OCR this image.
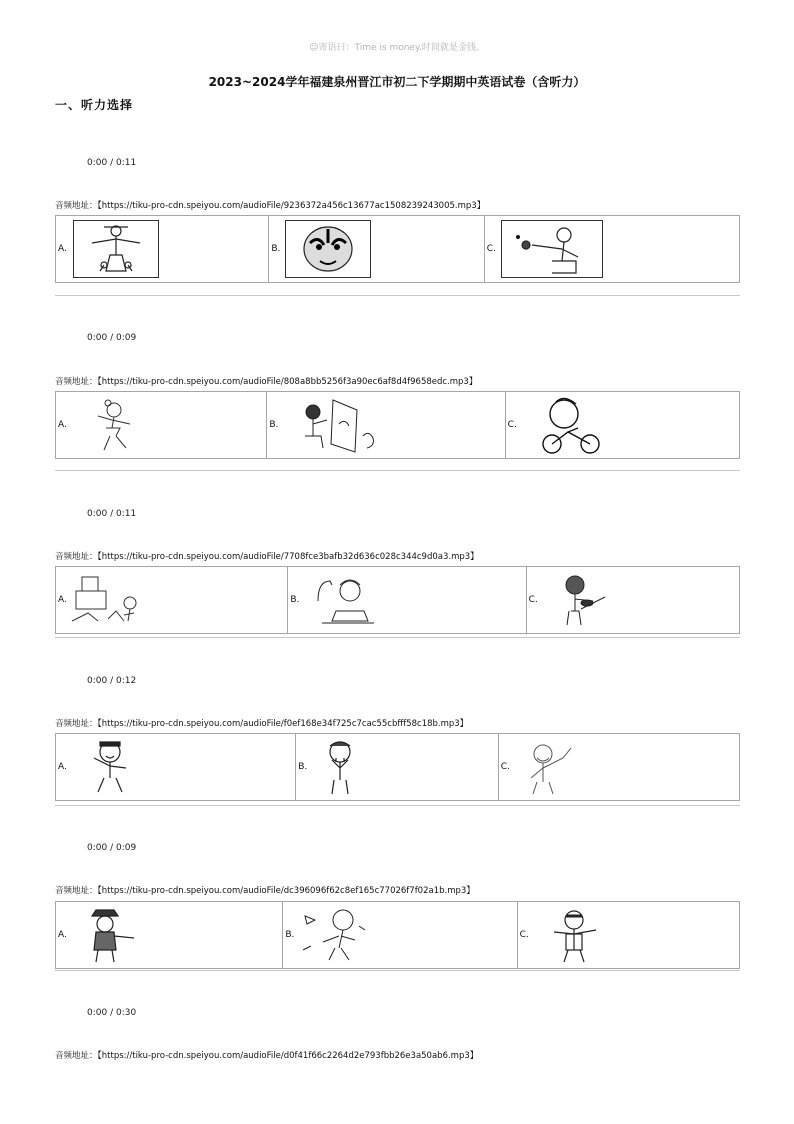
☺寄语曰：Time is money.时间就是金钱。
2023~2024学年福建泉州晋江市初二下学期期中英语试卷（含听力）
一、听力选择
0:00 / 0:11
音频地址：【https://tiku-pro-cdn.speiyou.com/audioFile/9236372a456c13677ac1508239243005.mp3】
A.	B.	C.
0:00 / 0:09
音频地址：【https://tiku-pro-cdn.speiyou.com/audioFile/808a8bb5256f3a90ec6af8d4f9658edc.mp3】
A.	B.	C.
0:00 / 0:11
音频地址：【https://tiku-pro-cdn.speiyou.com/audioFile/7708fce3bafb32d636c028c344c9d0a3.mp3】
A.	B.	C.
0:00 / 0:12
音频地址：【https://tiku-pro-cdn.speiyou.com/audioFile/f0ef168e34f725c7cac55cbfff58c18b.mp3】
A.	B.	C.
0:00 / 0:09
音频地址：【https://tiku-pro-cdn.speiyou.com/audioFile/dc396096f62c8ef165c77026f7f02a1b.mp3】
A.	B.	C.
0:00 / 0:30
音频地址：【https://tiku-pro-cdn.speiyou.com/audioFile/d0f41f66c2264d2e793fbb26e3a50ab6.mp3】
